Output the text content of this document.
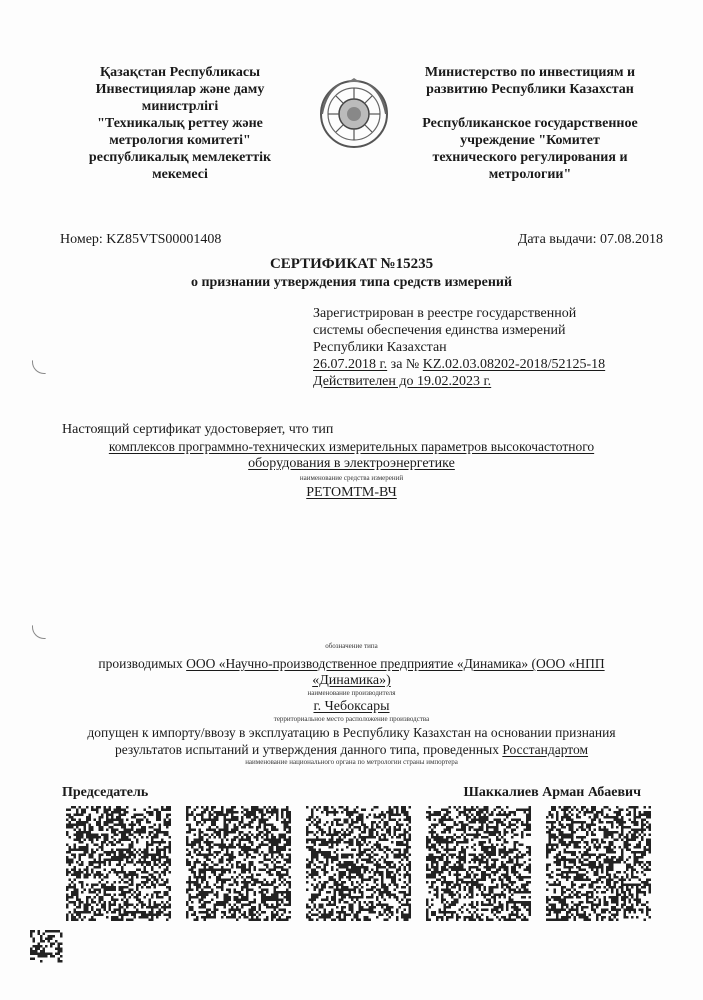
Қазақстан Республикасы
Инвестициялар және даму
министрлігі
"Техникалық реттеу және
метрология комитеті"
республикалық мемлекеттік
мекемесі
Министерство по инвестициям и
развитию Республики Казахстан
Республиканское государственное
учреждение "Комитет
технического регулирования и
метрологии"
Номер: KZ85VTS00001408	Дата выдачи: 07.08.2018
СЕРТИФИКАТ №15235
о признании утверждения типа средств измерений
Зарегистрирован в реестре государственной
системы обеспечения единства измерений
Республики Казахстан
26.07.2018 г. за № KZ.02.03.08202-2018/52125-18
Действителен до 19.02.2023 г.
Настоящий сертификат удостоверяет, что тип
комплексов программно-технических измерительных параметров высокочастотного
оборудования в электроэнергетике
наименование средства измерений
РЕТОМТМ-ВЧ
обозначение типа
производимых ООО «Научно-производственное предприятие «Динамика» (ООО «НПП
«Динамика»)
наименование производителя
г. Чебоксары
территориальное место расположение производства
допущен к импорту/ввозу в эксплуатацию в Республику Казахстан на основании признания
результатов испытаний и утверждения данного типа, проведенных Росстандартом
наименование национального органа по метрологии страны импортера
Председатель	Шаккалиев Арман Абаевич
